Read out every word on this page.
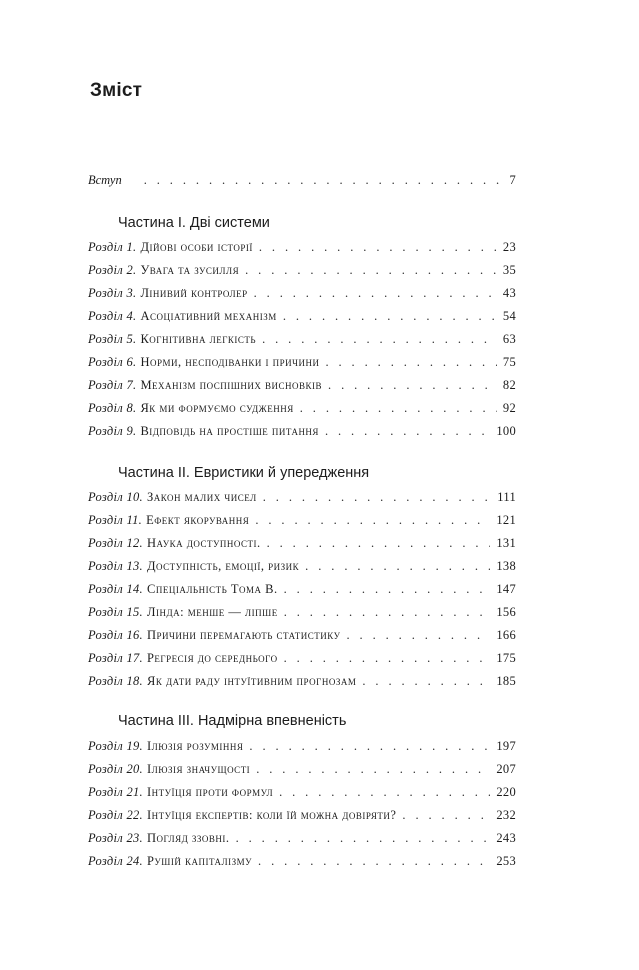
Зміст
Вступ . . .	7
Частина I. Дві системи
Розділ 1. Дійові особи історії . . .	23
Розділ 2. Увага та зусилля . . .	35
Розділ 3. Лінивий контролер . . .	43
Розділ 4. Асоціативний механізм . . .	54
Розділ 5. Когнітивна легкість . . .	63
Розділ 6. Норми, несподіванки і причини . . .	75
Розділ 7. Механізм поспішних висновків . . .	82
Розділ 8. Як ми формуємо судження . . .	92
Розділ 9. Відповідь на простіше питання . . .	100
Частина II. Евристики й упередження
Розділ 10. Закон малих чисел . . .	111
Розділ 11. Ефект якорування . . .	121
Розділ 12. Наука доступності. . . .	131
Розділ 13. Доступність, емоції, ризик . . .	138
Розділ 14. Спеціальність Тома В. . . .	147
Розділ 15. Лінда: менше — ліпше . . .	156
Розділ 16. Причини перемагають статистику . . .	166
Розділ 17. Регресія до середнього . . .	175
Розділ 18. Як дати раду інтуїтивним прогнозам . . .	185
Частина III. Надмірна впевненість
Розділ 19. Ілюзія розуміння . . .	197
Розділ 20. Ілюзія значущості . . .	207
Розділ 21. Інтуїція проти формул . . .	220
Розділ 22. Інтуїція експертів: коли їй можна довіряти? . . .	232
Розділ 23. Погляд ззовні. . . .	243
Розділ 24. Рушій капіталізму . . .	253
